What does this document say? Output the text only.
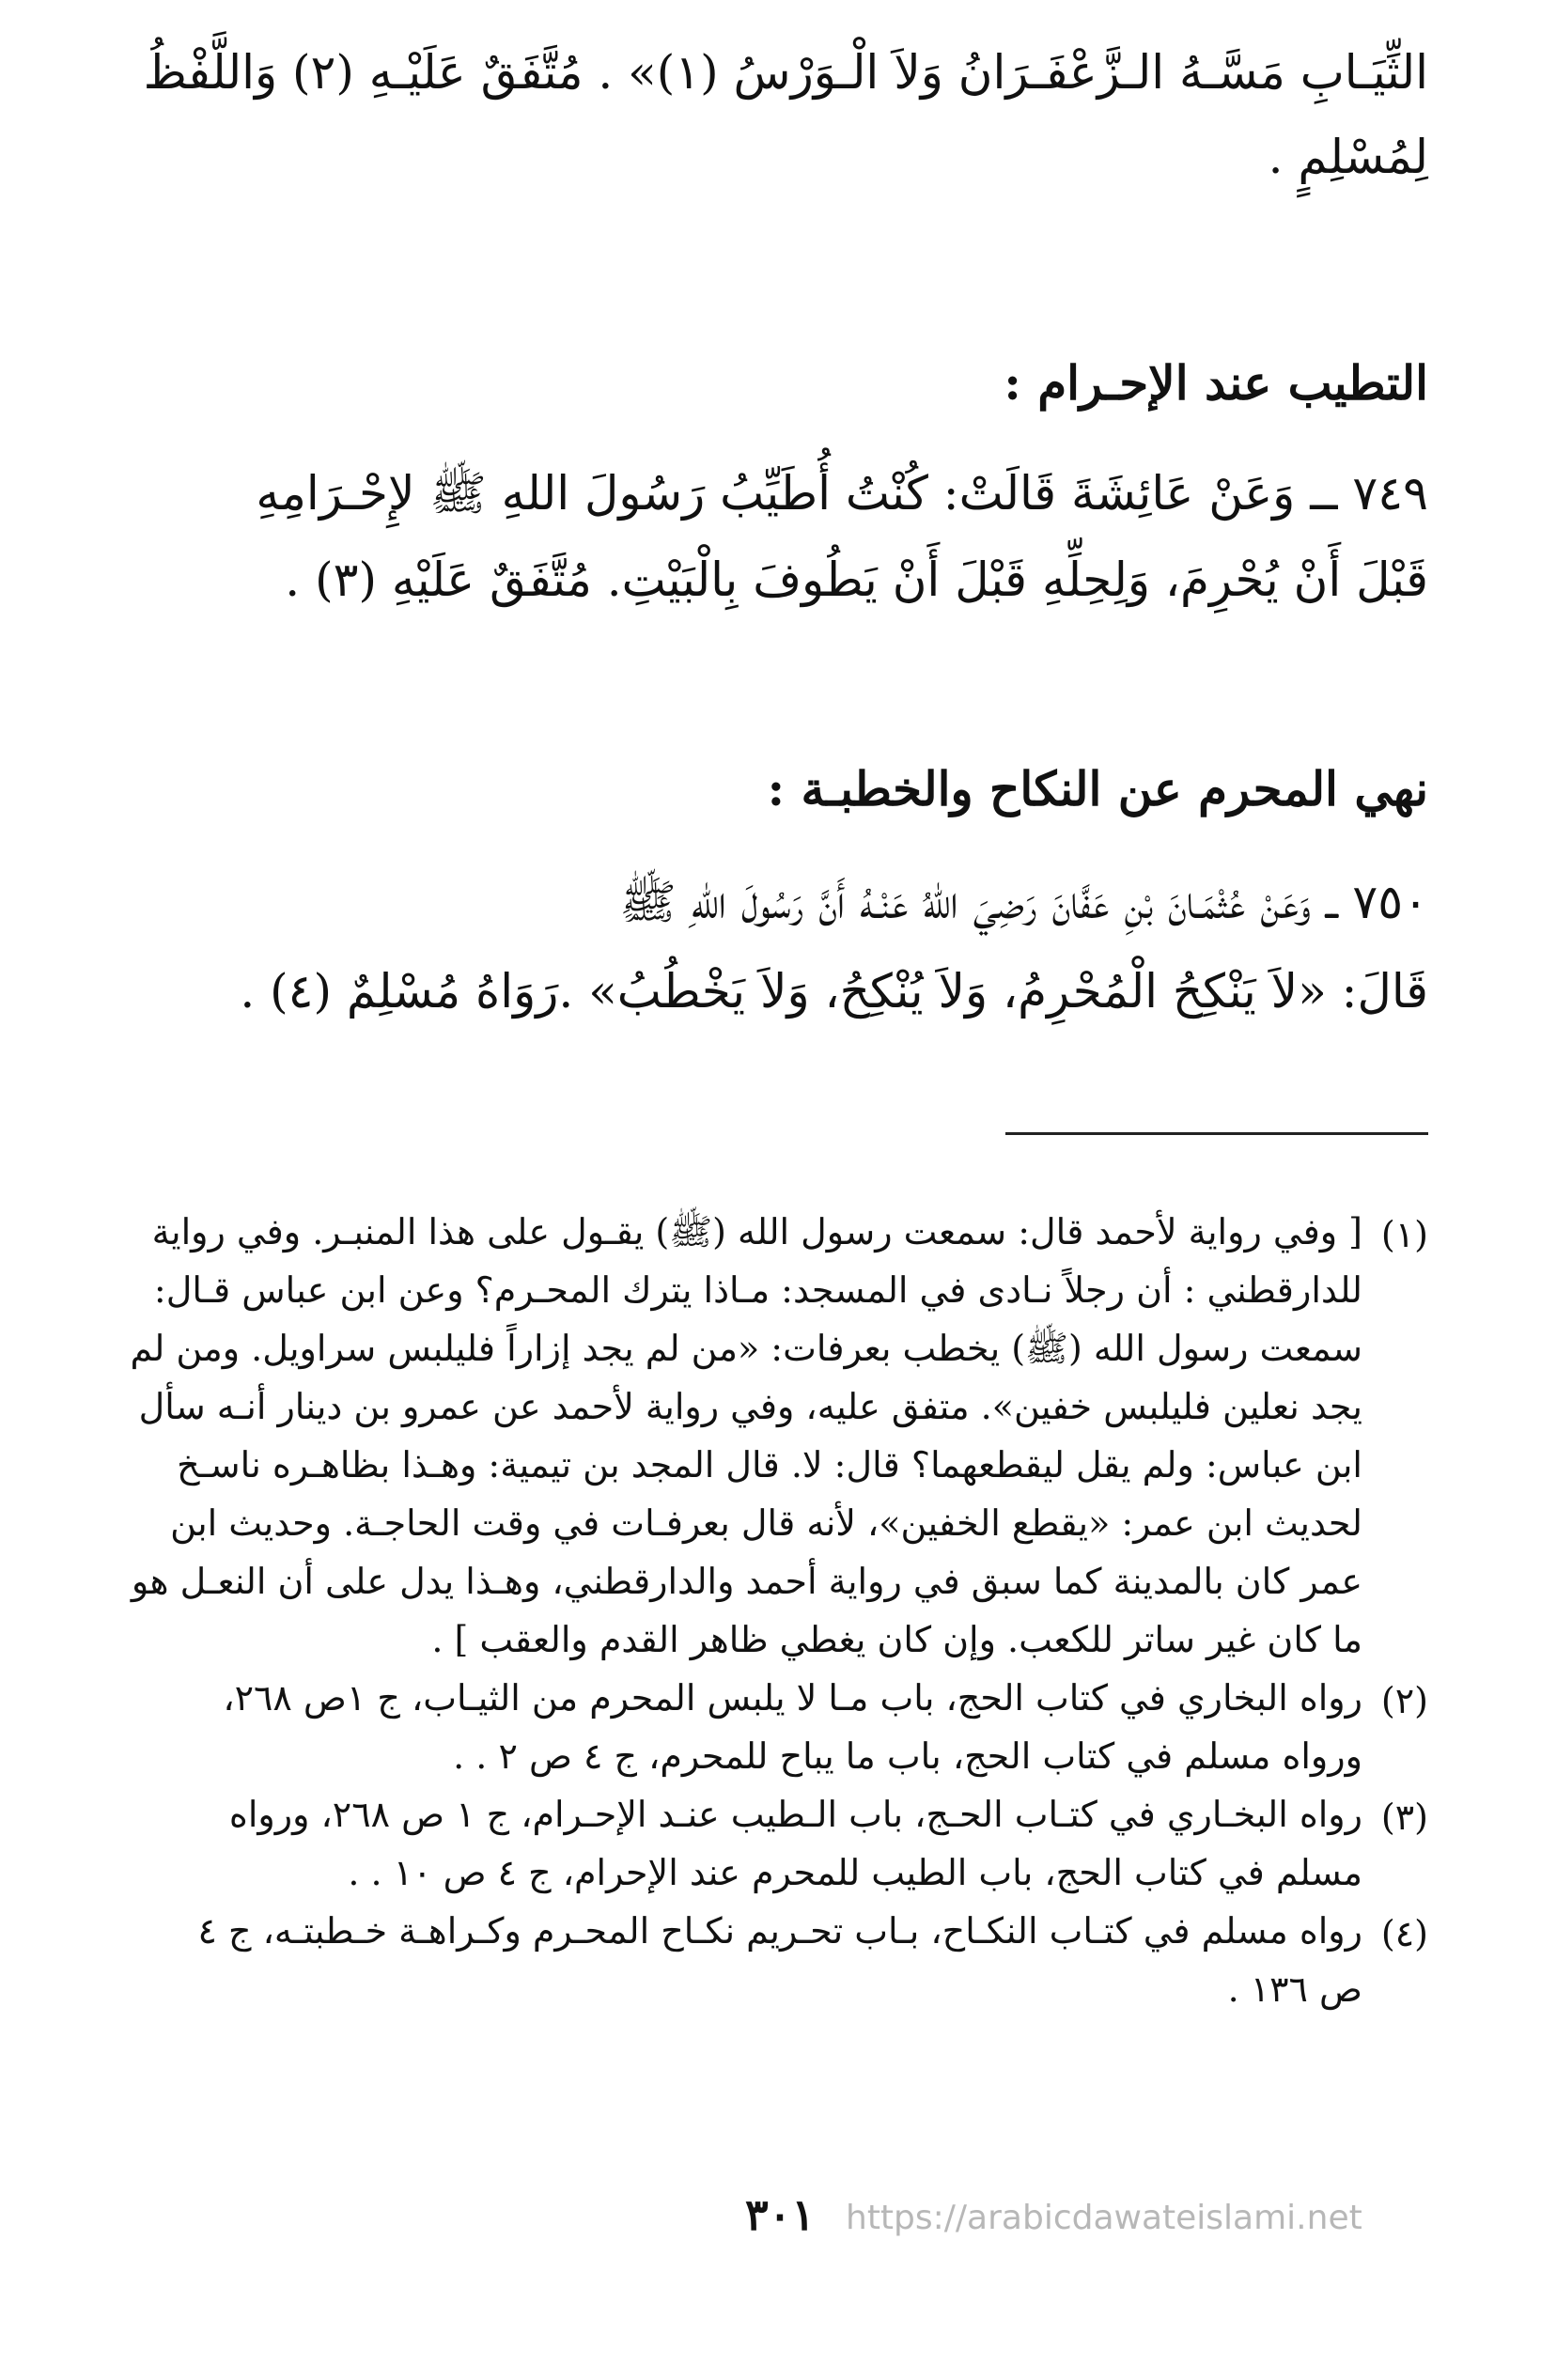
الثِّيَـابِ مَسَّـهُ الـزَّعْفَـرَانُ وَلاَ الْـوَرْسُ (١)» . مُتَّفَقٌ عَلَيْـهِ (٢) وَاللَّفْظُ

لِمُسْلِمٍ .

التطيب عند الإحـرام :

٧٤٩ ــ وَعَنْ عَائِشَةَ قَالَتْ: كُنْتُ أُطَيِّبُ رَسُولَ اللهِ ﷺ لإِحْـرَامِهِ

قَبْلَ أَنْ يُحْرِمَ، وَلِحِلِّهِ قَبْلَ أَنْ يَطُوفَ بِالْبَيْتِ. مُتَّفَقٌ عَلَيْهِ (٣) .

نهي المحرم عن النكاح والخطبـة :

٧٥٠ ــ وَعَنْ عُثْمَـانَ بْنِ عَفَّانَ رَضِيَ اللهُ عَنْـهُ أَنَّ رَسُولَ اللهِ ﷺ

قَالَ: «لاَ يَنْكِحُ الْمُحْرِمُ، وَلاَ يُنْكِحُ، وَلاَ يَخْطُبُ» .رَوَاهُ مُسْلِمٌ (٤) .

(١)

[ وفي رواية لأحمد قال: سمعت رسول الله (ﷺ) يقـول على هذا المنبـر. وفي رواية

للدارقطني : أن رجلاً نـادى في المسجد: مـاذا يترك المحـرم؟ وعن ابن عباس قـال:

سمعت رسول الله (ﷺ) يخطب بعرفات: «من لم يجد إزاراً فليلبس سراويل. ومن لم

يجد نعلين فليلبس خفين». متفق عليه، وفي رواية لأحمد عن عمرو بن دينار أنـه سأل

ابن عباس: ولم يقل ليقطعهما؟ قال: لا. قال المجد بن تيمية: وهـذا بظاهـره ناسـخ

لحديث ابن عمر: «يقطع الخفين»، لأنه قال بعرفـات في وقت الحاجـة. وحديث ابن

عمر كان بالمدينة كما سبق في رواية أحمد والدارقطني، وهـذا يدل على أن النعـل هو

ما كان غير ساتر للكعب. وإن كان يغطي ظاهر القدم والعقب ] .

(٢)

رواه البخاري في كتاب الحج، باب مـا لا يلبس المحرم من الثيـاب، ج ١ص ٢٦٨،

ورواه مسلم في كتاب الحج، باب ما يباح للمحرم، ج ٤ ص ٢ . .

(٣)

رواه البخـاري في كتـاب الحـج، باب الـطيب عنـد الإحـرام، ج ١ ص ٢٦٨، ورواه

مسلم في كتاب الحج، باب الطيب للمحرم عند الإحرام، ج ٤ ص ١٠ . .

(٤)

رواه مسلم في كتـاب النكـاح، بـاب تحـريم نكـاح المحـرم وكـراهـة خـطبتـه، ج ٤

ص ١٣٦ .

٣٠١ https://arabicdawateislami.net
